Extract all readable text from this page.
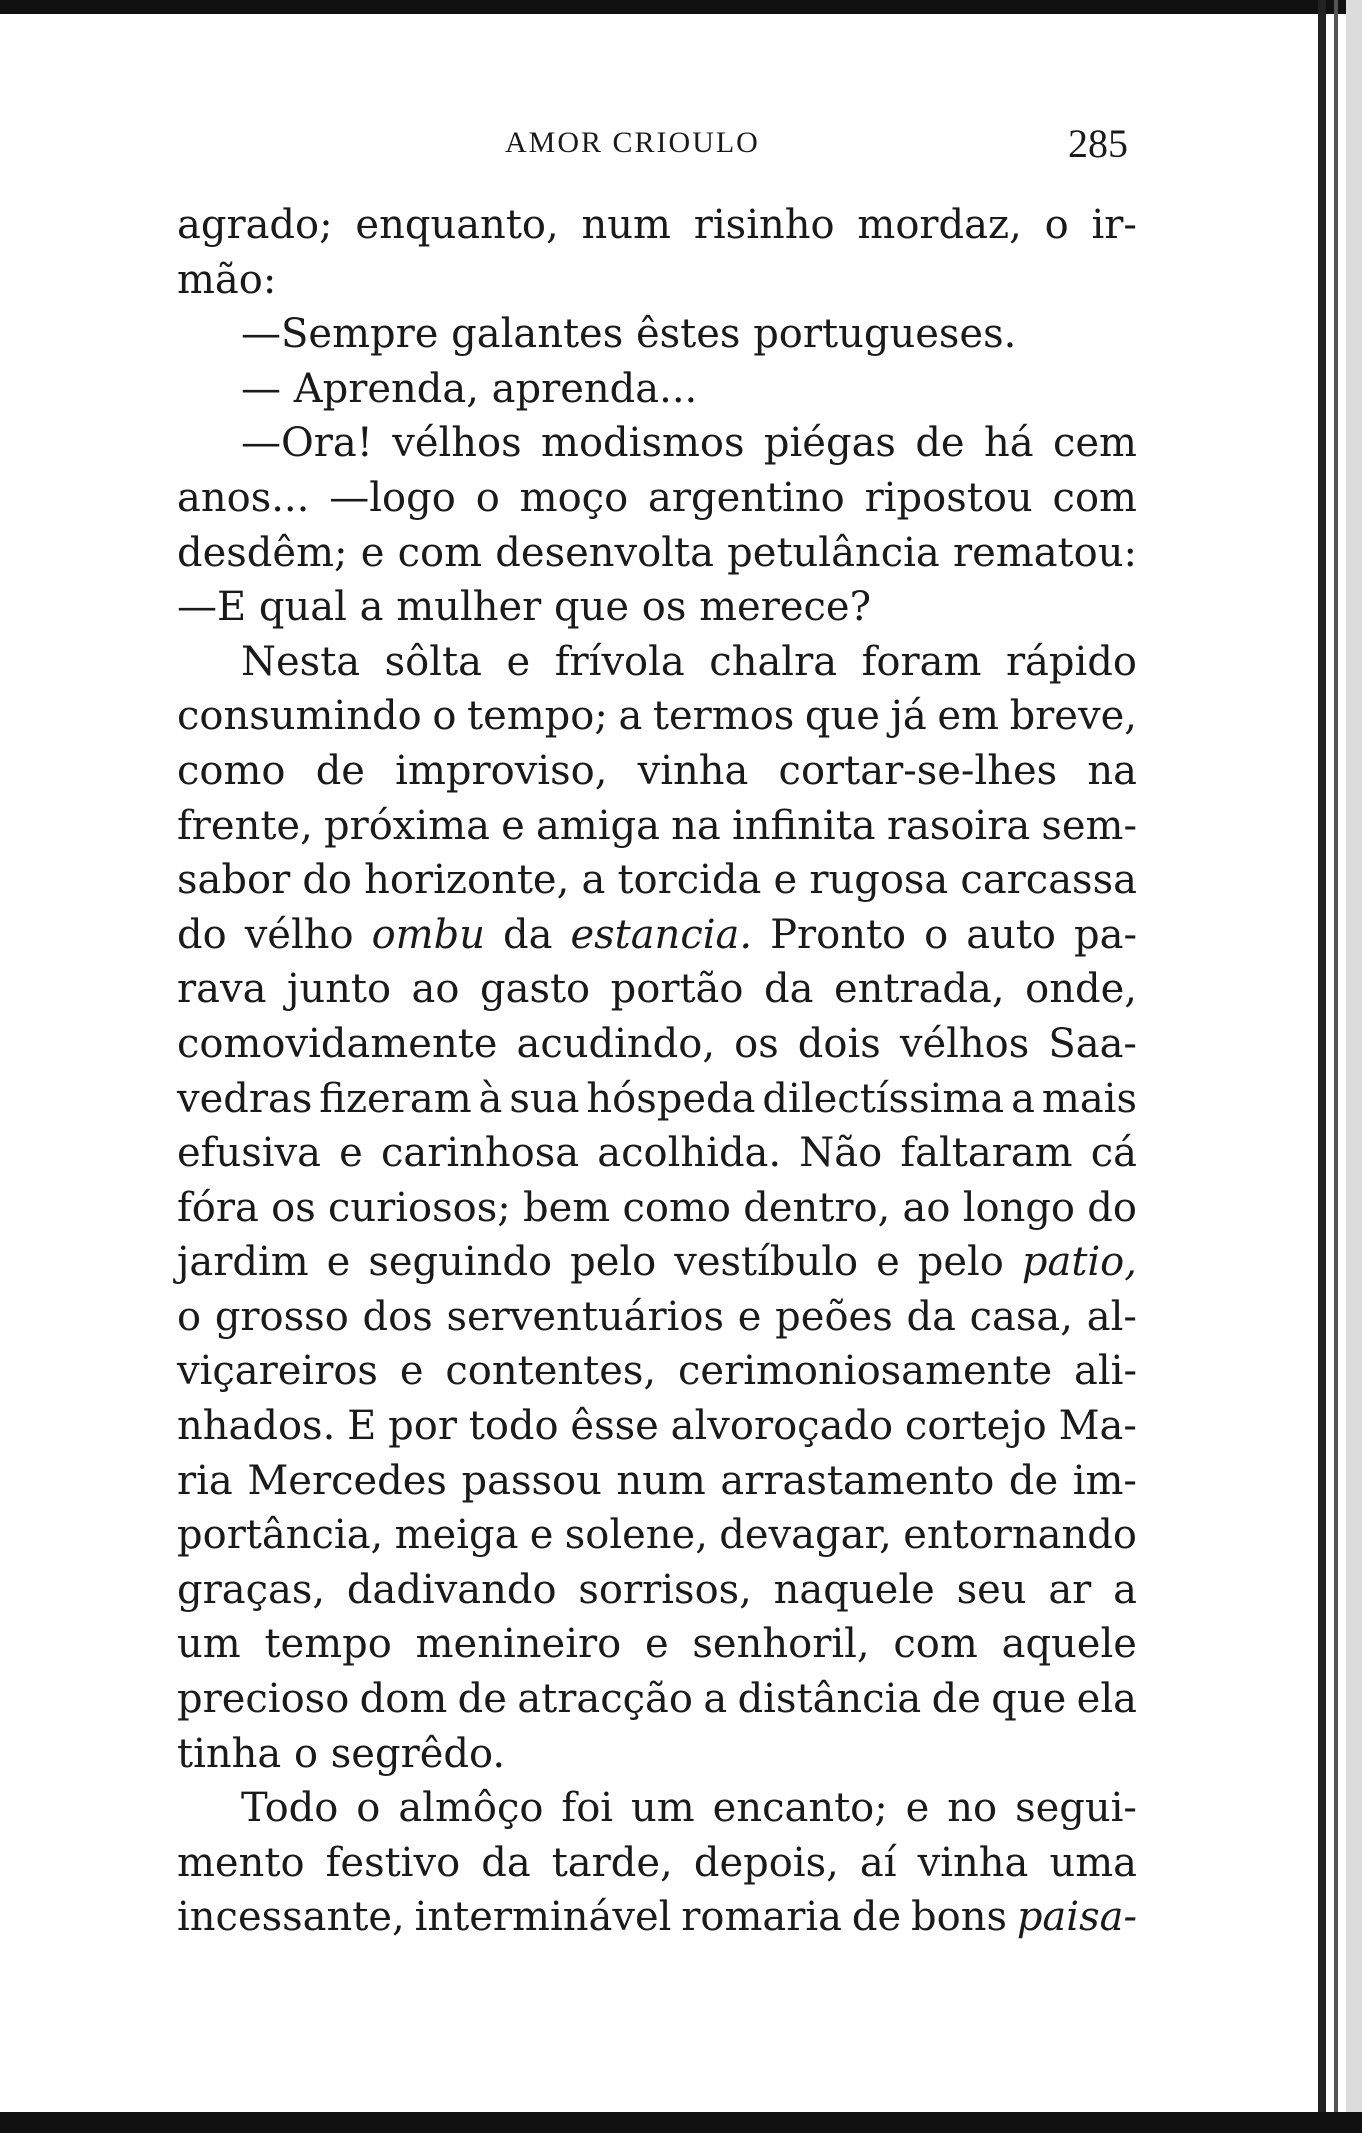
AMOR CRIOULO	285
agrado; enquanto, num risinho mordaz, o ir-
mão:
—Sempre
galantes
êstes
portugueses.
—
Aprenda,
aprenda...
—Ora! vélhos modismos piégas de há cem
anos... —logo o moço argentino ripostou com
desdêm; e com desenvolta petulância rematou:
—E
qual
a
mulher
que
os
merece?
Nesta sôlta e frívola chalra foram rápido
consumindo o tempo; a termos que já em breve,
como de improviso, vinha cortar-se-lhes na
frente, próxima e amiga na infinita rasoira sem-
sabor do horizonte, a torcida e rugosa carcassa
do vélho ombu da estancia. Pronto o auto pa-
rava junto ao gasto portão da entrada, onde,
comovidamente acudindo, os dois vélhos Saa-
vedras fizeram à sua hóspeda dilectíssima a mais
efusiva e carinhosa acolhida. Não faltaram cá
fóra os curiosos; bem como dentro, ao longo do
jardim e seguindo pelo vestíbulo e pelo patio,
o grosso dos serventuários e peões da casa, al-
viçareiros e contentes, cerimoniosamente ali-
nhados. E por todo êsse alvoroçado cortejo Ma-
ria Mercedes passou num arrastamento de im-
portância, meiga e solene, devagar, entornando
graças, dadivando sorrisos, naquele seu ar a
um tempo menineiro e senhoril, com aquele
precioso dom de atracção a distância de que ela
tinha
o
segrêdo.
Todo o almôço foi um encanto; e no segui-
mento festivo da tarde, depois, aí vinha uma
incessante, interminável romaria de bons paisa-
